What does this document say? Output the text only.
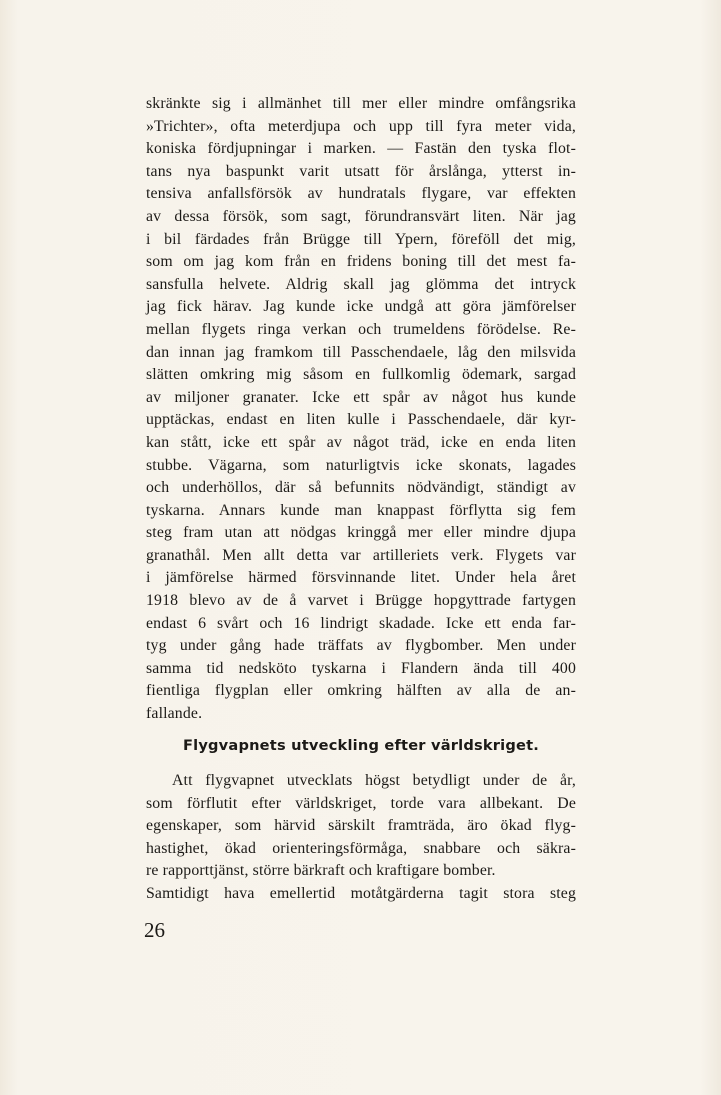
skränkte sig i allmänhet till mer eller mindre omfångsrika
»Trichter», ofta meterdjupa och upp till fyra meter vida,
koniska fördjupningar i marken. — Fastän den tyska flot-
tans nya baspunkt varit utsatt för årslånga, ytterst in-
tensiva anfallsförsök av hundratals flygare, var effekten
av dessa försök, som sagt, förundransvärt liten. När jag
i bil färdades från Brügge till Ypern, föreföll det mig,
som om jag kom från en fridens boning till det mest fa-
sansfulla helvete. Aldrig skall jag glömma det intryck
jag fick härav. Jag kunde icke undgå att göra jämförelser
mellan flygets ringa verkan och trumeldens förödelse. Re-
dan innan jag framkom till Passchendaele, låg den milsvida
slätten omkring mig såsom en fullkomlig ödemark, sargad
av miljoner granater. Icke ett spår av något hus kunde
upptäckas, endast en liten kulle i Passchendaele, där kyr-
kan stått, icke ett spår av något träd, icke en enda liten
stubbe. Vägarna, som naturligtvis icke skonats, lagades
och underhöllos, där så befunnits nödvändigt, ständigt av
tyskarna. Annars kunde man knappast förflytta sig fem
steg fram utan att nödgas kringgå mer eller mindre djupa
granathål. Men allt detta var artilleriets verk. Flygets var
i jämförelse härmed försvinnande litet. Under hela året
1918 blevo av de å varvet i Brügge hopgyttrade fartygen
endast 6 svårt och 16 lindrigt skadade. Icke ett enda far-
tyg under gång hade träffats av flygbomber. Men under
samma tid nedsköto tyskarna i Flandern ända till 400
fientliga flygplan eller omkring hälften av alla de an-
fallande.
Flygvapnets utveckling efter världskriget.
Att flygvapnet utvecklats högst betydligt under de år,
som förflutit efter världskriget, torde vara allbekant. De
egenskaper, som härvid särskilt framträda, äro ökad flyg-
hastighet, ökad orienteringsförmåga, snabbare och säkra-
re rapporttjänst, större bärkraft och kraftigare bomber.
Samtidigt hava emellertid motåtgärderna tagit stora steg
26
